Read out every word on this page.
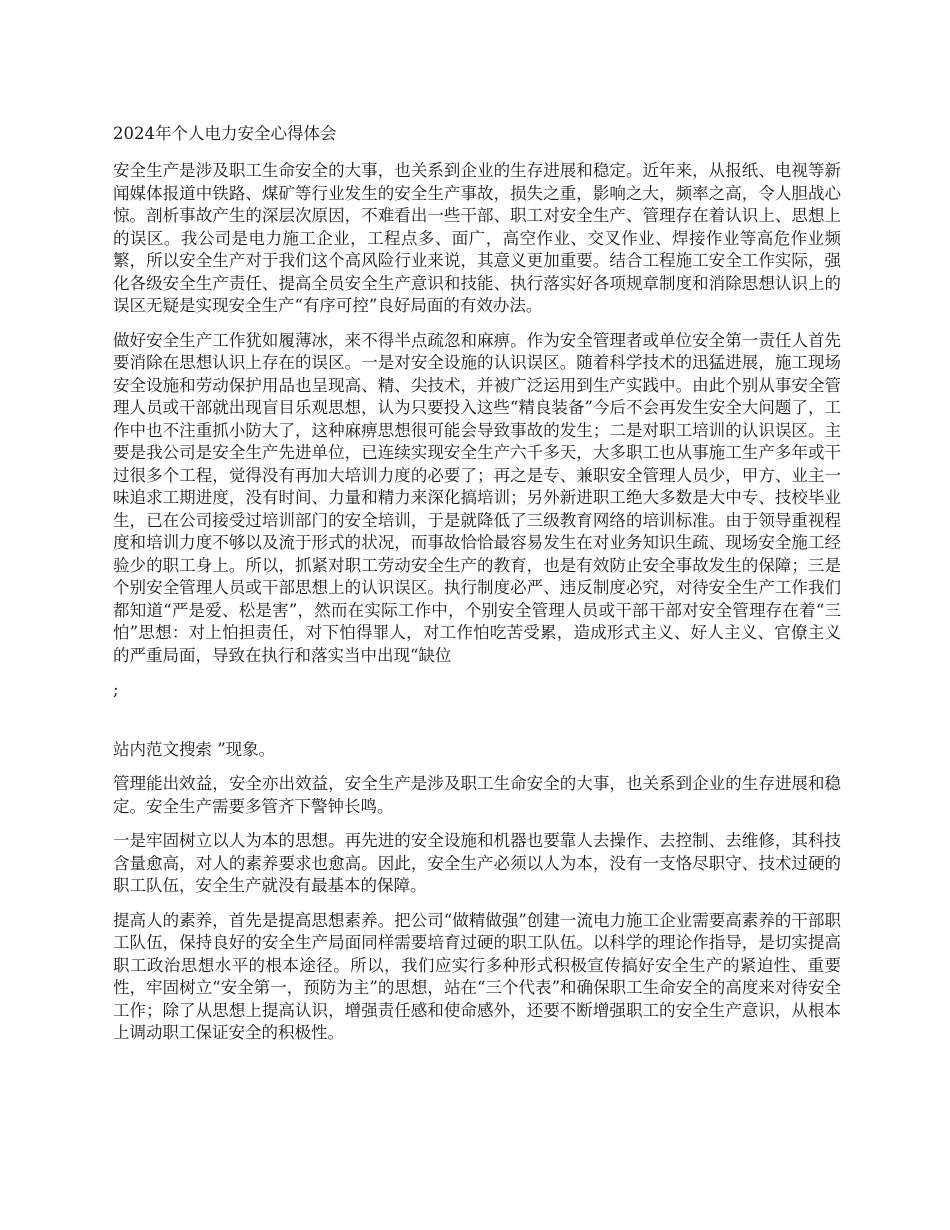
2024年个人电力安全心得体会

安全生产是涉及职工生命安全的大事，也关系到企业的生存进展和稳定。近年来，从报纸、电视等新闻媒体报道中铁路、煤矿等行业发生的安全生产事故，损失之重，影响之大，频率之高，令人胆战心惊。剖析事故产生的深层次原因，不难看出一些干部、职工对安全生产、管理存在着认识上、思想上的误区。我公司是电力施工企业，工程点多、面广，高空作业、交叉作业、焊接作业等高危作业频繁，所以安全生产对于我们这个高风险行业来说，其意义更加重要。结合工程施工安全工作实际，强化各级安全生产责任、提高全员安全生产意识和技能、执行落实好各项规章制度和消除思想认识上的误区无疑是实现安全生产“有序可控”良好局面的有效办法。

做好安全生产工作犹如履薄冰，来不得半点疏忽和麻痹。作为安全管理者或单位安全第一责任人首先要消除在思想认识上存在的误区。一是对安全设施的认识误区。随着科学技术的迅猛进展，施工现场安全设施和劳动保护用品也呈现高、精、尖技术，并被广泛运用到生产实践中。由此个别从事安全管理人员或干部就出现盲目乐观思想，认为只要投入这些“精良装备”今后不会再发生安全大问题了，工作中也不注重抓小防大了，这种麻痹思想很可能会导致事故的发生；二是对职工培训的认识误区。主要是我公司是安全生产先进单位，已连续实现安全生产六千多天，大多职工也从事施工生产多年或干过很多个工程，觉得没有再加大培训力度的必要了；再之是专、兼职安全管理人员少，甲方、业主一味追求工期进度，没有时间、力量和精力来深化搞培训；另外新进职工绝大多数是大中专、技校毕业生，已在公司接受过培训部门的安全培训，于是就降低了三级教育网络的培训标准。由于领导重视程度和培训力度不够以及流于形式的状况，而事故恰恰最容易发生在对业务知识生疏、现场安全施工经验少的职工身上。所以，抓紧对职工劳动安全生产的教育，也是有效防止安全事故发生的保障；三是个别安全管理人员或干部思想上的认识误区。执行制度必严、违反制度必究，对待安全生产工作我们都知道“严是爱、松是害”，然而在实际工作中，个别安全管理人员或干部干部对安全管理存在着“三怕”思想：对上怕担责任，对下怕得罪人，对工作怕吃苦受累，造成形式主义、好人主义、官僚主义的严重局面，导致在执行和落实当中出现“缺位

;
站内范文搜索 ”现象。

管理能出效益，安全亦出效益，安全生产是涉及职工生命安全的大事，也关系到企业的生存进展和稳定。安全生产需要多管齐下警钟长鸣。

一是牢固树立以人为本的思想。再先进的安全设施和机器也要靠人去操作、去控制、去维修，其科技含量愈高，对人的素养要求也愈高。因此，安全生产必须以人为本，没有一支恪尽职守、技术过硬的职工队伍，安全生产就没有最基本的保障。

提高人的素养，首先是提高思想素养。把公司“做精做强”创建一流电力施工企业需要高素养的干部职工队伍，保持良好的安全生产局面同样需要培育过硬的职工队伍。以科学的理论作指导，是切实提高职工政治思想水平的根本途径。所以，我们应实行多种形式积极宣传搞好安全生产的紧迫性、重要性，牢固树立“安全第一，预防为主”的思想，站在“三个代表”和确保职工生命安全的高度来对待安全工作；除了从思想上提高认识，增强责任感和使命感外，还要不断增强职工的安全生产意识，从根本上调动职工保证安全的积极性。
